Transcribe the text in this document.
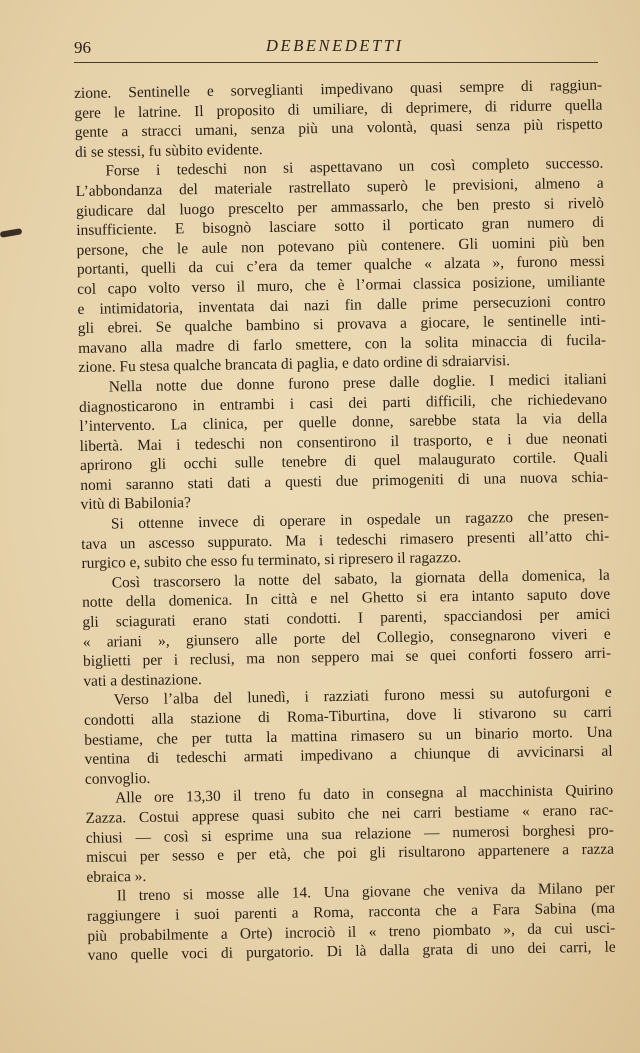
96	DEBENEDETTI
zione. Sentinelle e sorveglianti impedivano quasi sempre di raggiun-
gere le latrine. Il proposito di umiliare, di deprimere, di ridurre quella
gente a stracci umani, senza più una volontà, quasi senza più rispetto
di se stessi, fu sùbito evidente.
Forse i tedeschi non si aspettavano un così completo successo.
L’abbondanza del materiale rastrellato superò le previsioni, almeno a
giudicare dal luogo prescelto per ammassarlo, che ben presto si rivelò
insufficiente. E bisognò lasciare sotto il porticato gran numero di
persone, che le aule non potevano più contenere. Gli uomini più ben
portanti, quelli da cui c’era da temer qualche « alzata », furono messi
col capo volto verso il muro, che è l’ormai classica posizione, umiliante
e intimidatoria, inventata dai nazi fin dalle prime persecuzioni contro
gli ebrei. Se qualche bambino si provava a giocare, le sentinelle inti-
mavano alla madre di farlo smettere, con la solita minaccia di fucila-
zione. Fu stesa qualche brancata di paglia, e dato ordine di sdraiarvisi.
Nella notte due donne furono prese dalle doglie. I medici italiani
diagnosticarono in entrambi i casi dei parti difficili, che richiedevano
l’intervento. La clinica, per quelle donne, sarebbe stata la via della
libertà. Mai i tedeschi non consentirono il trasporto, e i due neonati
aprirono gli occhi sulle tenebre di quel malaugurato cortile. Quali
nomi saranno stati dati a questi due primogeniti di una nuova schia-
vitù di Babilonia?
Si ottenne invece di operare in ospedale un ragazzo che presen-
tava un ascesso suppurato. Ma i tedeschi rimasero presenti all’atto chi-
rurgico e, subito che esso fu terminato, si ripresero il ragazzo.
Così trascorsero la notte del sabato, la giornata della domenica, la
notte della domenica. In città e nel Ghetto si era intanto saputo dove
gli sciagurati erano stati condotti. I parenti, spacciandosi per amici
« ariani », giunsero alle porte del Collegio, consegnarono viveri e
biglietti per i reclusi, ma non seppero mai se quei conforti fossero arri-
vati a destinazione.
Verso l’alba del lunedì, i razziati furono messi su autofurgoni e
condotti alla stazione di Roma-Tiburtina, dove li stivarono su carri
bestiame, che per tutta la mattina rimasero su un binario morto. Una
ventina di tedeschi armati impedivano a chiunque di avvicinarsi al
convoglio.
Alle ore 13,30 il treno fu dato in consegna al macchinista Quirino
Zazza. Costui apprese quasi subito che nei carri bestiame « erano rac-
chiusi — così si esprime una sua relazione — numerosi borghesi pro-
miscui per sesso e per età, che poi gli risultarono appartenere a razza
ebraica ».
Il treno si mosse alle 14. Una giovane che veniva da Milano per
raggiungere i suoi parenti a Roma, racconta che a Fara Sabina (ma
più probabilmente a Orte) incrociò il « treno piombato », da cui usci-
vano quelle voci di purgatorio. Di là dalla grata di uno dei carri, le
